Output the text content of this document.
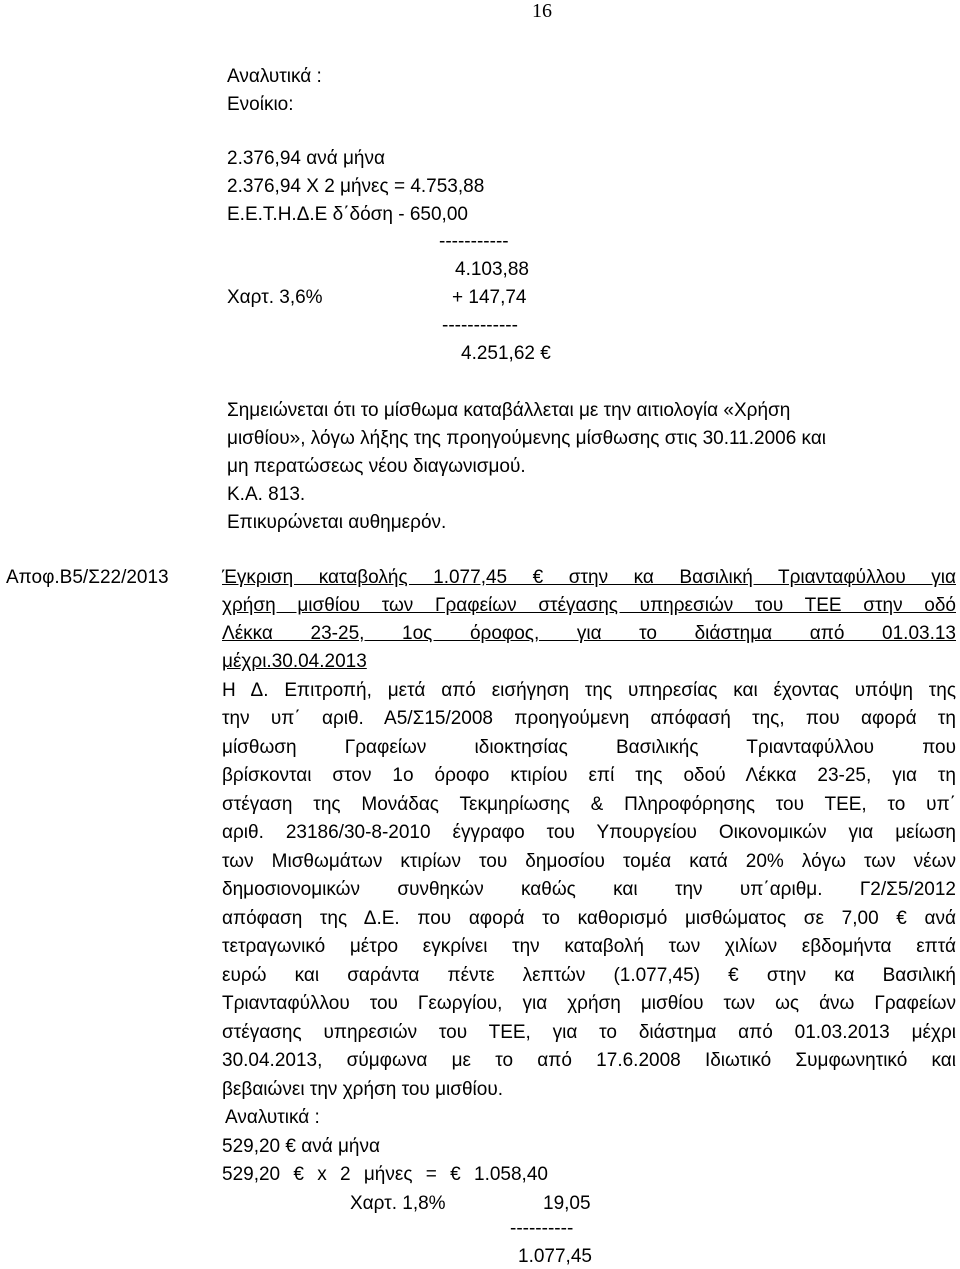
16
Αναλυτικά :
Ενοίκιο:
2.376,94 ανά μήνα
2.376,94 Χ 2 μήνες = 4.753,88
Ε.Ε.Τ.Η.Δ.Ε δ΄δόση - 650,00
-----------
4.103,88
Χαρτ. 3,6%	+ 147,74
------------
4.251,62 €
Σημειώνεται ότι το μίσθωμα καταβάλλεται με την αιτιολογία «Χρήση
μισθίου», λόγω λήξης της προηγούμενης μίσθωσης στις 30.11.2006 και
μη περατώσεως νέου διαγωνισμού.
Κ.Α. 813.
Επικυρώνεται αυθημερόν.
Αποφ.Β5/Σ22/2013	Έγκριση καταβολής 1.077,45 € στην κα Βασιλική Τριανταφύλλου για
χρήση μισθίου των Γραφείων στέγασης υπηρεσιών του ΤΕΕ στην οδό
Λέκκα 23-25, 1ος όροφος, για το διάστημα από 01.03.13
μέχρι.30.04.2013
Η Δ. Επιτροπή, μετά από εισήγηση της υπηρεσίας και έχοντας υπόψη της
την υπ΄ αριθ. Α5/Σ15/2008 προηγούμενη απόφασή της, που αφορά τη
μίσθωση Γραφείων ιδιοκτησίας Βασιλικής Τριανταφύλλου που
βρίσκονται στον 1ο όροφο κτιρίου επί της οδού Λέκκα 23-25, για τη
στέγαση της Μονάδας Τεκμηρίωσης & Πληροφόρησης του ΤΕΕ, το υπ΄
αριθ. 23186/30-8-2010 έγγραφο του Υπουργείου Οικονομικών για μείωση
των Μισθωμάτων κτιρίων του δημοσίου τομέα κατά 20% λόγω των νέων
δημοσιονομικών συνθηκών καθώς και την υπ΄αριθμ. Γ2/Σ5/2012
απόφαση της Δ.Ε. που αφορά το καθορισμό μισθώματος σε 7,00 € ανά
τετραγωνικό μέτρο εγκρίνει την καταβολή των χιλίων εβδομήντα επτά
ευρώ και σαράντα πέντε λεπτών (1.077,45) € στην κα Βασιλική
Τριανταφύλλου του Γεωργίου, για χρήση μισθίου των ως άνω Γραφείων
στέγασης υπηρεσιών του ΤΕΕ, για το διάστημα από 01.03.2013 μέχρι
30.04.2013, σύμφωνα με το από 17.6.2008 Ιδιωτικό Συμφωνητικό και
βεβαιώνει την χρήση του μισθίου.
Αναλυτικά :
529,20 € ανά μήνα
529,20 € x 2 μήνες = € 1.058,40
Χαρτ. 1,8%	19,05
----------
1.077,45
